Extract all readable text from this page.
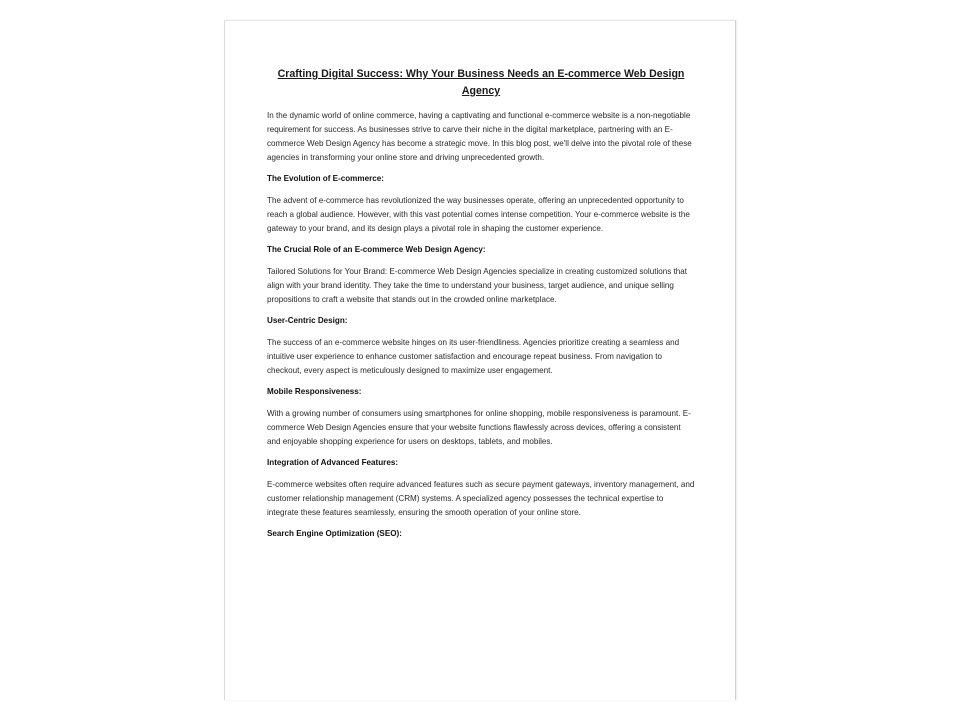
Crafting Digital Success: Why Your Business Needs an E-commerce Web Design Agency

In the dynamic world of online commerce, having a captivating and functional e-commerce website is a non-negotiable requirement for success. As businesses strive to carve their niche in the digital marketplace, partnering with an E-commerce Web Design Agency has become a strategic move. In this blog post, we'll delve into the pivotal role of these agencies in transforming your online store and driving unprecedented growth.

The Evolution of E-commerce:

The advent of e-commerce has revolutionized the way businesses operate, offering an unprecedented opportunity to reach a global audience. However, with this vast potential comes intense competition. Your e-commerce website is the gateway to your brand, and its design plays a pivotal role in shaping the customer experience.

The Crucial Role of an E-commerce Web Design Agency:

Tailored Solutions for Your Brand: E-commerce Web Design Agencies specialize in creating customized solutions that align with your brand identity. They take the time to understand your business, target audience, and unique selling propositions to craft a website that stands out in the crowded online marketplace.

User-Centric Design:

The success of an e-commerce website hinges on its user-friendliness. Agencies prioritize creating a seamless and intuitive user experience to enhance customer satisfaction and encourage repeat business. From navigation to checkout, every aspect is meticulously designed to maximize user engagement.

Mobile Responsiveness:

With a growing number of consumers using smartphones for online shopping, mobile responsiveness is paramount. E-commerce Web Design Agencies ensure that your website functions flawlessly across devices, offering a consistent and enjoyable shopping experience for users on desktops, tablets, and mobiles.

Integration of Advanced Features:

E-commerce websites often require advanced features such as secure payment gateways, inventory management, and customer relationship management (CRM) systems. A specialized agency possesses the technical expertise to integrate these features seamlessly, ensuring the smooth operation of your online store.

Search Engine Optimization (SEO):
